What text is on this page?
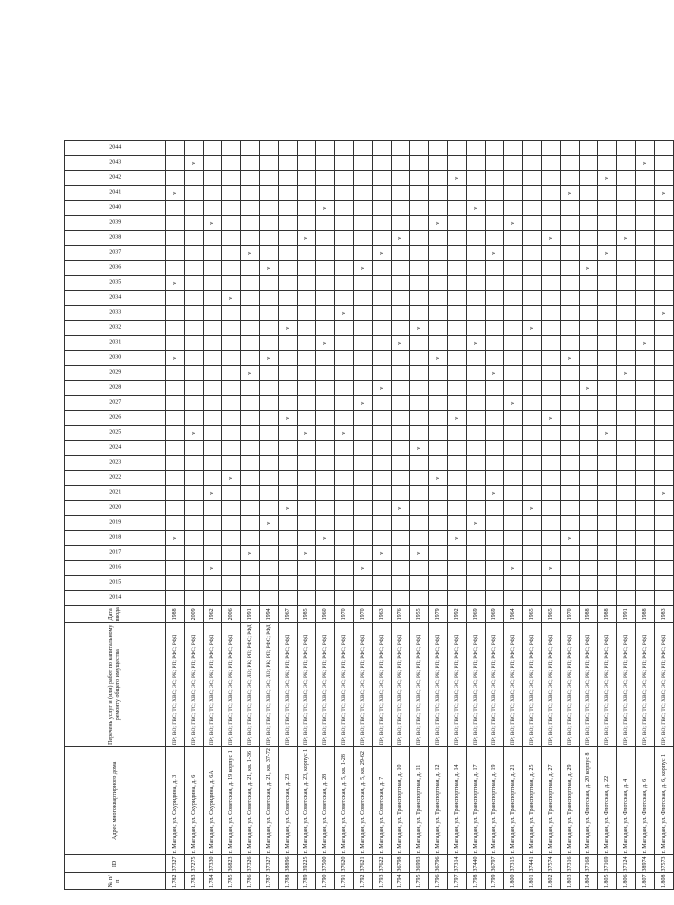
№ п/п	ID	Адрес многоквартирного дома	Перечень услуг и (или) работ по капитальному ремонту общего имущества	Дата ввода	2014	2015	2016	2017	2018	2019	2020	2021	2022	2023	2024	2025	2026	2027	2028	2029	2030	2031	2032	2033	2034	2035	2036	2037	2038	2039	2040	2041	2042	2043	2044
1.782	37327	г. Магадан, ул. Скуридина, д. 3	ПР; ВО; ГВС; ТС; ХВС; ЭС; РК; РП; РФС; РФД	1988					v												v					v						v			
1.783	37275	г. Магадан, ул. Скуридина, д. 6	ПР; ВО; ГВС; ТС; ХВС; ЭС; РК; РП; РФС; РФД	2009												v																		v	
1.784	37330	г. Магадан, ул. Скуридина, д. 6А	ПР; ВО; ГВС; ТС; ХВС; ЭС; РК; РП; РФС; РФД	1962			v					v																		v					
1.785	36823	г. Магадан, ул. Советская, д. 19 корпус 1	ПР; ВО; ГВС; ТС; ХВС; ЭС; РК; РП; РФС; РФД	2006									v												v										
1.786	37326	г. Магадан, ул. Советская, д. 21, кв. 1-36	ПР; ВО; ГВС; ТС; ХВС; ЭС; ЛО; РК; РП; РФС; РФД	1991				v												v								v							
1.787	37327	г. Магадан, ул. Советская, д. 21, кв. 37-72	ПР; ВО; ГВС; ТС; ХВС; ЭС; ЛО; РК; РП; РФС; РФД	1994						v											v						v								
1.788	38896	г. Магадан, ул. Советская, д. 23	ПР; ВО; ГВС; ТС; ХВС; ЭС; РК; РП; РФС; РФД	1967							v						v						v												
1.789	39225	г. Магадан, ул. Советская, д. 23, корпус 1	ПР; ВО; ГВС; ТС; ХВС; ЭС; РК; РП; РФС; РФД	1985				v								v													v						
1.790	37500	г. Магадан, ул. Советская, д. 28	ПР; ВО; ГВС; ТС; ХВС; ЭС; РК; РП; РФС; РФД	1960					v													v									v				
1.791	37620	г. Магадан, ул. Советская, д. 5, кв. 1-28	ПР; ВО; ГВС; ТС; ХВС; ЭС; РК; РП; РФС; РФД	1970												v								v											
1.792	37621	г. Магадан, ул. Советская, д. 5, кв. 29-62	ПР; ВО; ГВС; ТС; ХВС; ЭС; РК; РП; РФС; РФД	1970			v											v									v								
1.793	37622	г. Магадан, ул. Советская, д. 7	ПР; ВО; ГВС; ТС; ХВС; ЭС; РК; РП; РФС; РФД	1963				v											v									v							
1.794	36798	г. Магадан, ул. Транспортная, д. 10	ПР; ВО; ГВС; ТС; ХВС; ЭС; РК; РП; РФС; РФД	1976							v											v							v						
1.795	36993	г. Магадан, ул. Транспортная, д. 11	ПР; ВО; ГВС; ТС; ХВС; ЭС; РК; РП; РФС; РФД	1955				v							v								v												
1.796	36796	г. Магадан, ул. Транспортная, д. 12	ПР; ВО; ГВС; ТС; ХВС; ЭС; РК; РП; РФС; РФД	1979									v								v									v					
1.797	37314	г. Магадан, ул. Транспортная, д. 14	ПР; ВО; ГВС; ТС; ХВС; ЭС; РК; РП; РФС; РФД	1992					v								v																v		
1.798	37440	г. Магадан, ул. Транспортная, д. 17	ПР; ВО; ГВС; ТС; ХВС; ЭС; РК; РП; РФС; РФД	1969						v												v									v				
1.799	36797	г. Магадан, ул. Транспортная, д. 19	ПР; ВО; ГВС; ТС; ХВС; ЭС; РК; РП; РФС; РФД	1969								v								v								v							
1.800	37315	г. Магадан, ул. Транспортная, д. 21	ПР; ВО; ГВС; ТС; ХВС; ЭС; РК; РП; РФС; РФД	1964			v											v												v					
1.801	37441	г. Магадан, ул. Транспортная, д. 25	ПР; ВО; ГВС; ТС; ХВС; ЭС; РК; РП; РФС; РФД	1965							v												v												
1.802	37574	г. Магадан, ул. Транспортная, д. 27	ПР; ВО; ГВС; ТС; ХВС; ЭС; РК; РП; РФС; РФД	1965			v										v												v						
1.803	37316	г. Магадан, ул. Транспортная, д. 29	ПР; ВО; ГВС; ТС; ХВС; ЭС; РК; РП; РФС; РФД	1970					v												v											v			
1.804	37168	г. Магадан, ул. Флотская, д. 20 корпус 8	ПР; ВО; ГВС; ТС; ХВС; ЭС; РК; РП; РФС; РФД	1988															v								v								
1.805	37169	г. Магадан, ул. Флотская, д. 22	ПР; ВО; ГВС; ТС; ХВС; ЭС; РК; РП; РФС; РФД	1988												v												v					v		
1.806	37124	г. Магадан, ул. Флотская, д. 4	ПР; ВО; ГВС; ТС; ХВС; ЭС; РК; РП; РФС; РФД	1991																v									v						
1.807	38974	г. Магадан, ул. Флотская, д. 6	ПР; ВО; ГВС; ТС; ХВС; ЭС; РК; РП; РФС; РФД	1988																		v												v	
1.808	37573	г. Магадан, ул. Флотская, д. 6, корпус 1	ПР; ВО; ГВС; ТС; ХВС; ЭС; РК; РП; РФС; РФД	1983								v												v								v			
